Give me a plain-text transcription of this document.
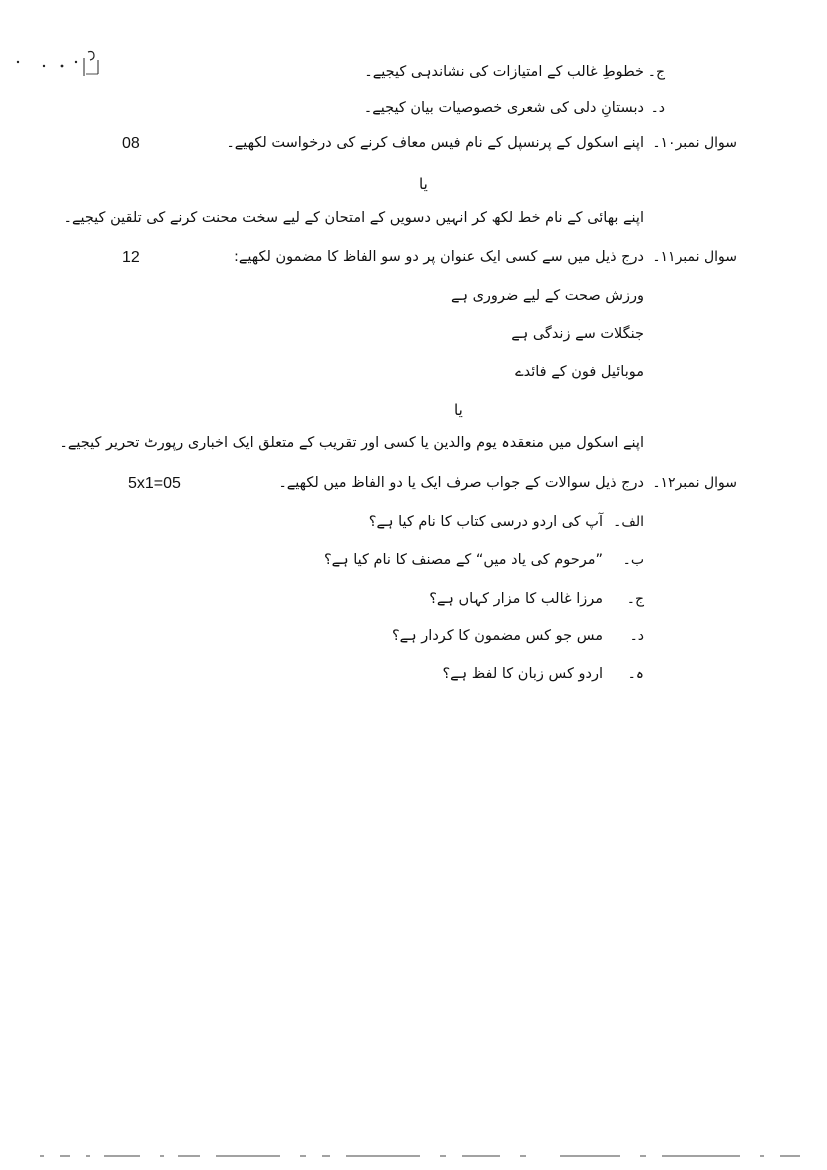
ج۔
خطوطِ غالب کے امتیازات کی نشاندہی کیجیے۔
د۔
دبستانِ دلی کی شعری خصوصیات بیان کیجیے۔
سوال نمبر۱۰۔
اپنے اسکول کے پرنسپل کے نام فیس معاف کرنے کی درخواست لکھیے۔
08
یا
اپنے بھائی کے نام خط لکھ کر انہیں دسویں کے امتحان کے لیے سخت محنت کرنے کی تلقین کیجیے۔
سوال نمبر۱۱۔
درج ذیل میں سے کسی ایک عنوان پر دو سو الفاظ کا مضمون لکھیے:
12
ورزش صحت کے لیے ضروری ہے
جنگلات سے زندگی ہے
موبائیل فون کے فائدے
یا
اپنے اسکول میں منعقدہ یوم والدین یا کسی اور تقریب کے متعلق ایک اخباری رپورٹ تحریر کیجیے۔
سوال نمبر۱۲۔
درج ذیل سوالات کے جواب صرف ایک یا دو الفاظ میں لکھیے۔
5x1=05
الف۔
آپ کی اردو درسی کتاب کا نام کیا ہے؟
ب۔
”مرحوم کی یاد میں“ کے مصنف کا نام کیا ہے؟
ج۔
مرزا غالب کا مزار کہاں ہے؟
د۔
مس جو کس مضمون کا کردار ہے؟
ہ۔
اردو کس زبان کا لفظ ہے؟
